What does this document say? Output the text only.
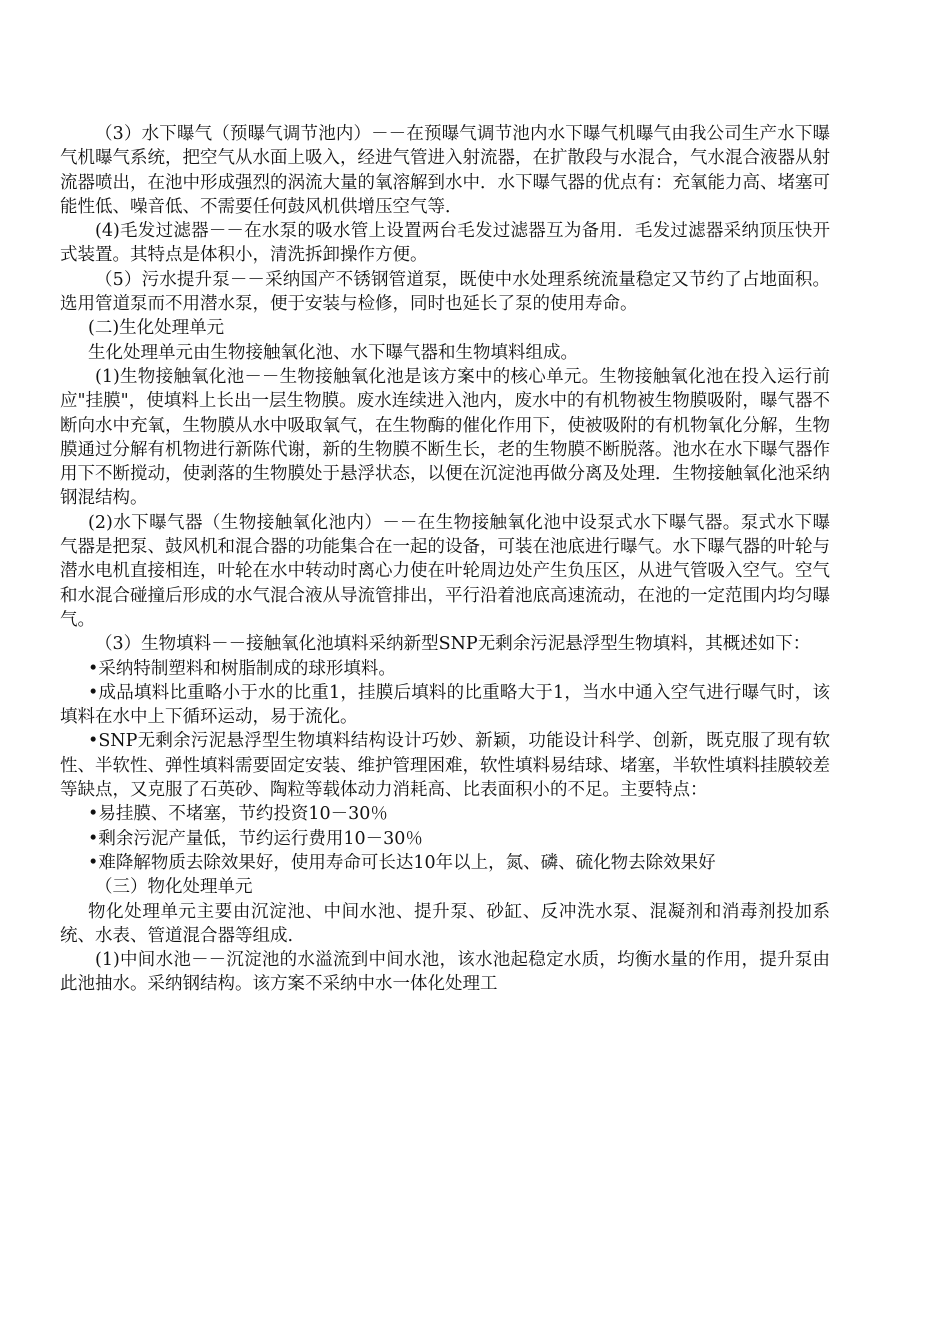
（3）水下曝气（预曝气调节池内）－－在预曝气调节池内水下曝气机曝气由我公司生产水下曝气机曝气系统，把空气从水面上吸入，经进气管进入射流器，在扩散段与水混合，气水混合液器从射流器喷出，在池中形成强烈的涡流大量的氧溶解到水中．水下曝气器的优点有：充氧能力高、堵塞可能性低、噪音低、不需要任何鼓风机供增压空气等．

(4)毛发过滤器－－在水泵的吸水管上设置两台毛发过滤器互为备用．毛发过滤器采纳顶压快开式装置。其特点是体积小，清洗拆卸操作方便。

（5）污水提升泵－－采纳国产不锈钢管道泵，既使中水处理系统流量稳定又节约了占地面积。选用管道泵而不用潜水泵，便于安装与检修，同时也延长了泵的使用寿命。

(二)生化处理单元

生化处理单元由生物接触氧化池、水下曝气器和生物填料组成。

(1)生物接触氧化池－－生物接触氧化池是该方案中的核心单元。生物接触氧化池在投入运行前应"挂膜"，使填料上长出一层生物膜。废水连续进入池内，废水中的有机物被生物膜吸附，曝气器不断向水中充氧，生物膜从水中吸取氧气，在生物酶的催化作用下，使被吸附的有机物氧化分解，生物膜通过分解有机物进行新陈代谢，新的生物膜不断生长，老的生物膜不断脱落。池水在水下曝气器作用下不断搅动，使剥落的生物膜处于悬浮状态，以便在沉淀池再做分离及处理．生物接触氧化池采纳钢混结构。

(2)水下曝气器（生物接触氧化池内）－－在生物接触氧化池中设泵式水下曝气器。泵式水下曝气器是把泵、鼓风机和混合器的功能集合在一起的设备，可装在池底进行曝气。水下曝气器的叶轮与潜水电机直接相连，叶轮在水中转动时离心力使在叶轮周边处产生负压区，从进气管吸入空气。空气和水混合碰撞后形成的水气混合液从导流管排出，平行沿着池底高速流动，在池的一定范围内均匀曝气。

（3）生物填料－－接触氧化池填料采纳新型SNP无剩余污泥悬浮型生物填料，其概述如下：

•采纳特制塑料和树脂制成的球形填料。

•成品填料比重略小于水的比重1，挂膜后填料的比重略大于1，当水中通入空气进行曝气时，该填料在水中上下循环运动，易于流化。

•SNP无剩余污泥悬浮型生物填料结构设计巧妙、新颖，功能设计科学、创新，既克服了现有软性、半软性、弹性填料需要固定安装、维护管理困难，软性填料易结球、堵塞，半软性填料挂膜较差等缺点，又克服了石英砂、陶粒等载体动力消耗高、比表面积小的不足。主要特点：

•易挂膜、不堵塞，节约投资10－30％

•剩余污泥产量低，节约运行费用10－30％

•难降解物质去除效果好，使用寿命可长达10年以上，氮、磷、硫化物去除效果好

（三）物化处理单元

物化处理单元主要由沉淀池、中间水池、提升泵、砂缸、反冲洗水泵、混凝剂和消毒剂投加系统、水表、管道混合器等组成.

(1)中间水池－－沉淀池的水溢流到中间水池，该水池起稳定水质，均衡水量的作用，提升泵由此池抽水。采纳钢结构。该方案不采纳中水一体化处理工
